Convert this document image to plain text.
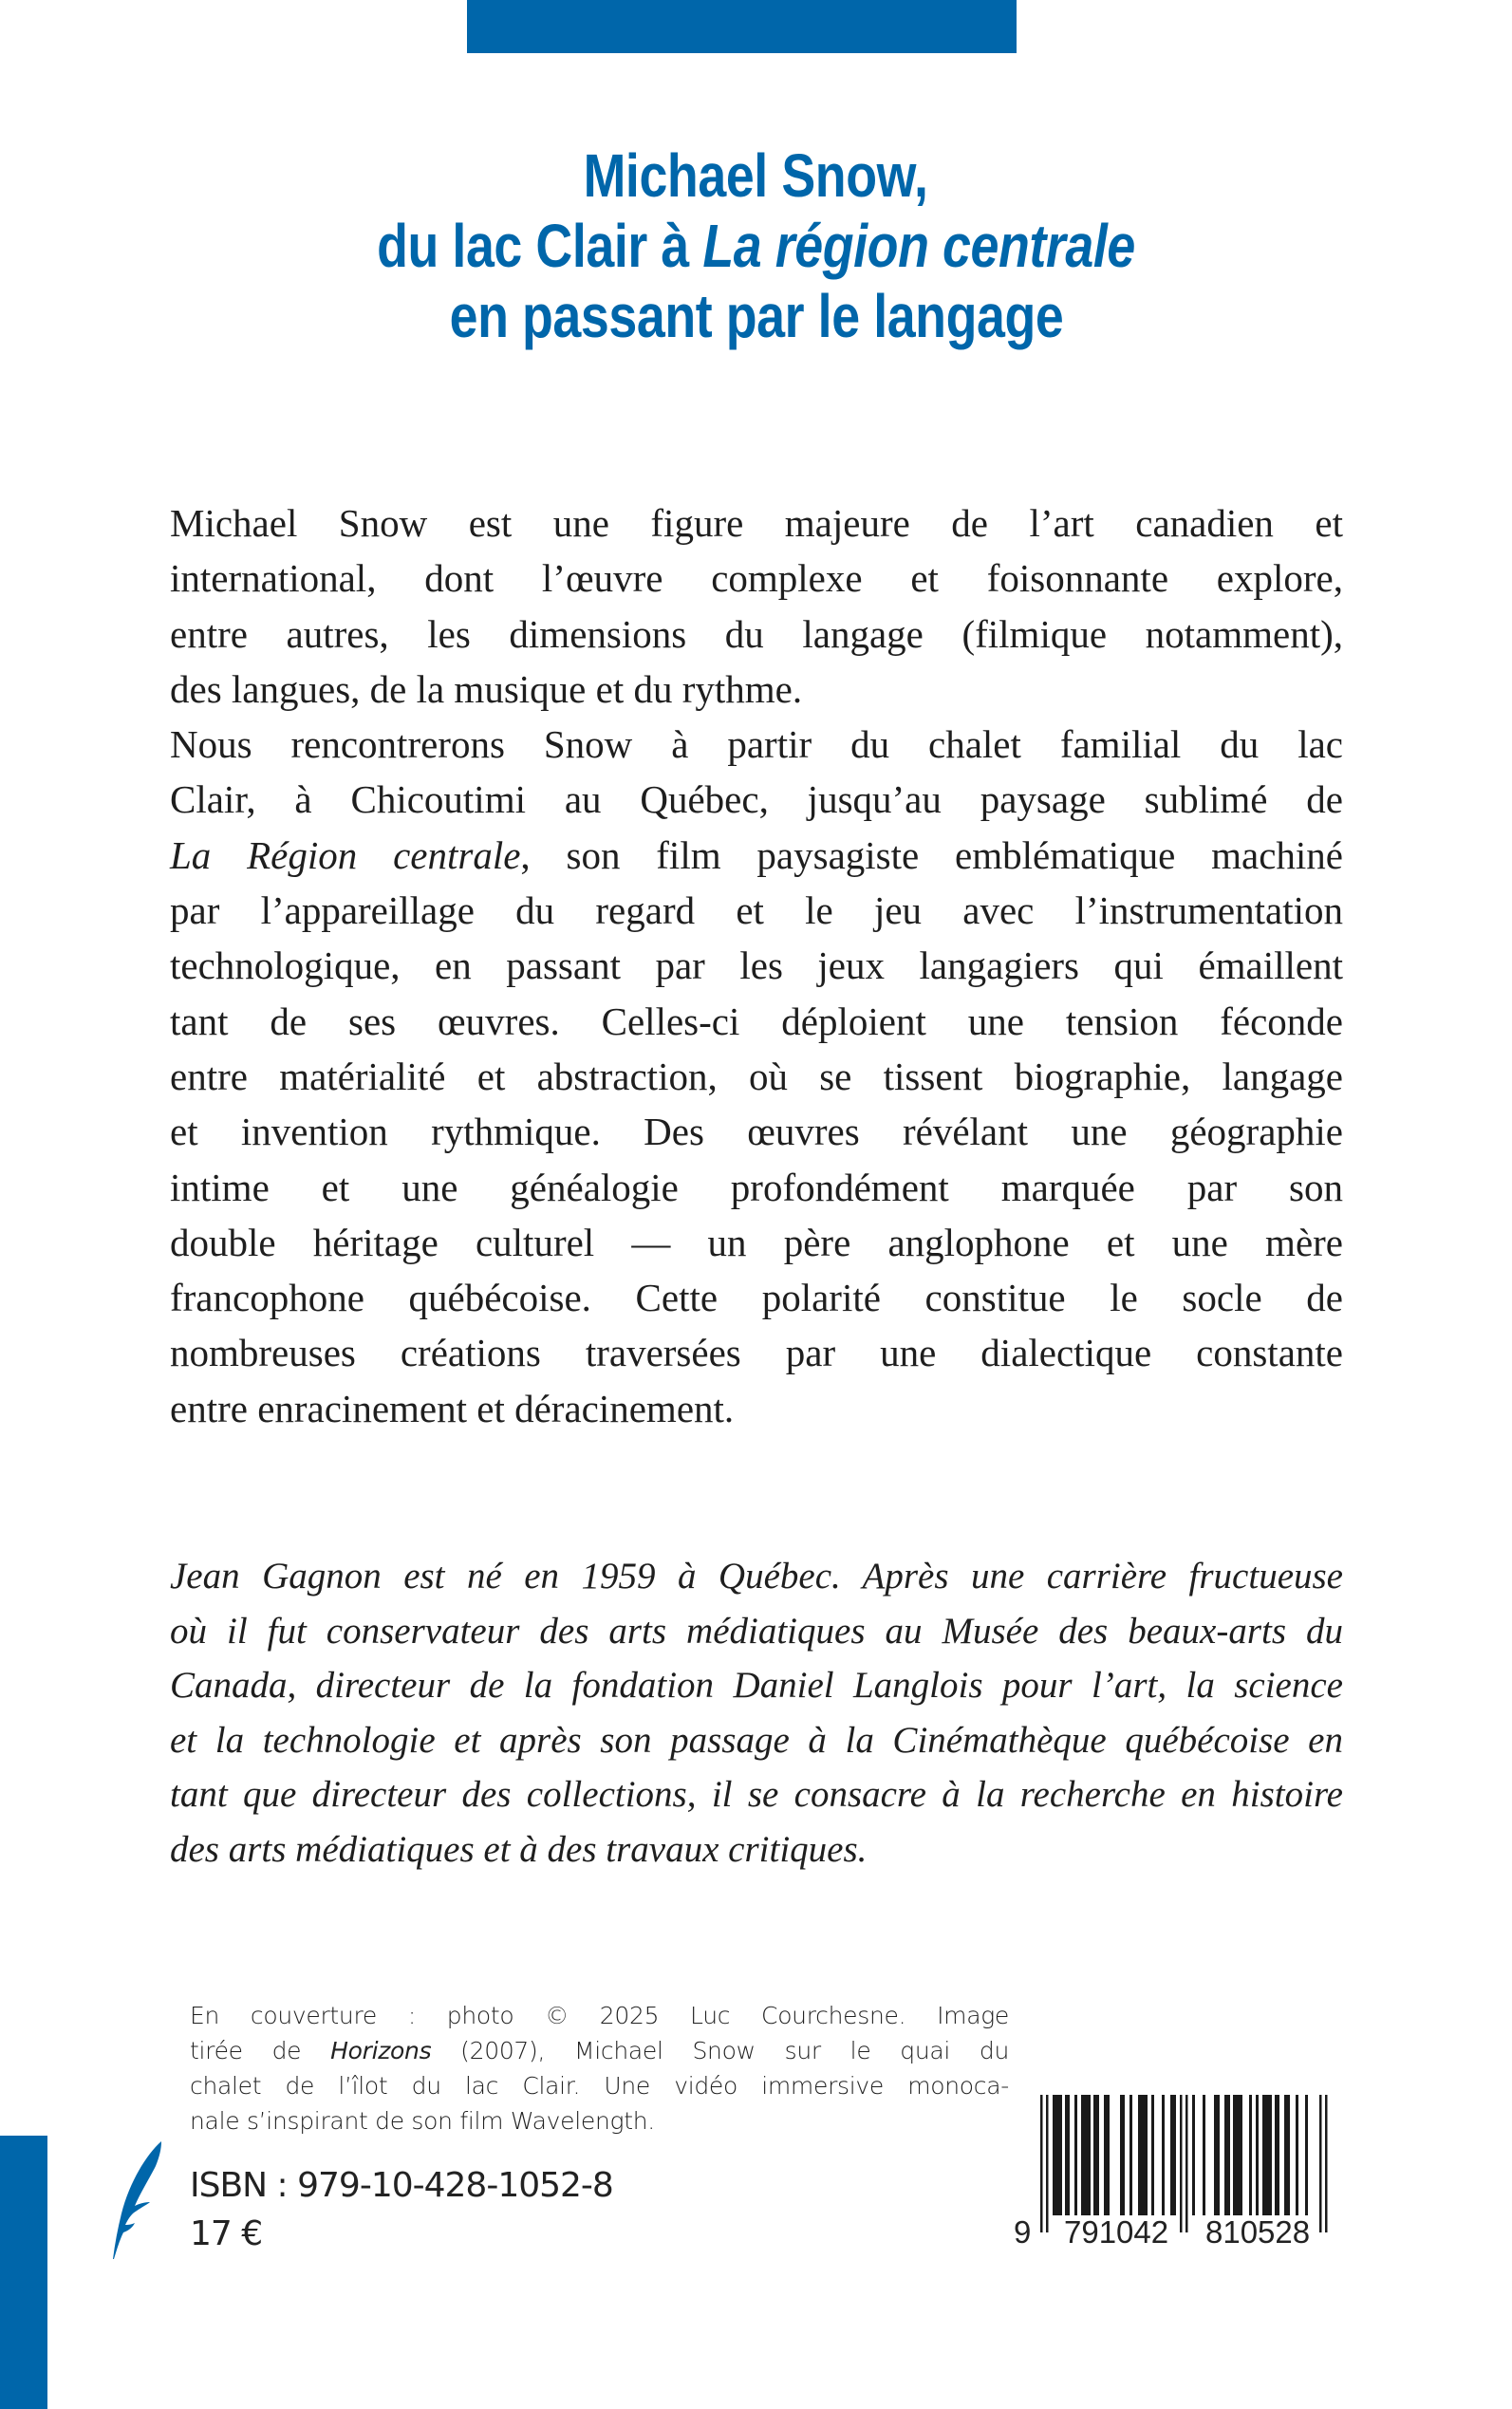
Michael Snow,
du lac Clair à La région centrale
en passant par le langage
Michael Snow est une figure majeure de l’art canadien et
international, dont l’œuvre complexe et foisonnante explore,
entre autres, les dimensions du langage (filmique notamment),
des langues, de la musique et du rythme.
Nous rencontrerons Snow à partir du chalet familial du lac
Clair, à Chicoutimi au Québec, jusqu’au paysage sublimé de
La Région centrale, son film paysagiste emblématique machiné
par l’appareillage du regard et le jeu avec l’instrumentation
technologique, en passant par les jeux langagiers qui émaillent
tant de ses œuvres. Celles-ci déploient une tension féconde
entre matérialité et abstraction, où se tissent biographie, langage
et invention rythmique. Des œuvres révélant une géographie
intime et une généalogie profondément marquée par son
double héritage culturel — un père anglophone et une mère
francophone québécoise. Cette polarité constitue le socle de
nombreuses créations traversées par une dialectique constante
entre enracinement et déracinement.
Jean Gagnon est né en 1959 à Québec. Après une carrière fructueuse
où il fut conservateur des arts médiatiques au Musée des beaux-arts du
Canada, directeur de la fondation Daniel Langlois pour l’art, la science
et la technologie et après son passage à la Cinémathèque québécoise en
tant que directeur des collections, il se consacre à la recherche en histoire
des arts médiatiques et à des travaux critiques.
En couverture : photo © 2025 Luc Courchesne. Image
tirée de Horizons (2007), Michael Snow sur le quai du
chalet de l’îlot du lac Clair. Une vidéo immersive monoca-
nale s’inspirant de son film Wavelength.
ISBN : 979-10-428-1052-8
17 €	9 791042 810528
